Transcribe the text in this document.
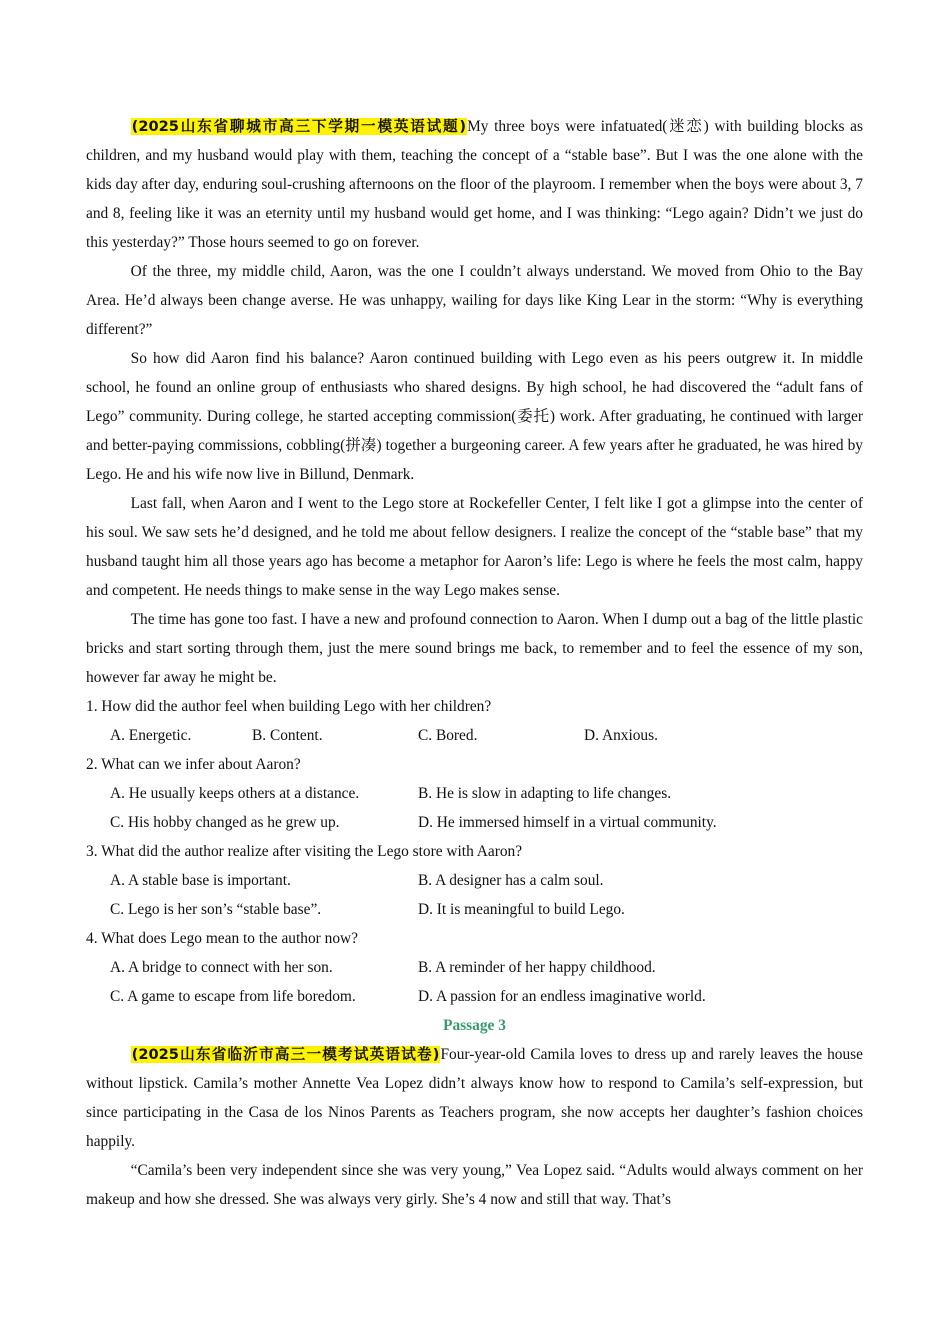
(2025山东省聊城市高三下学期一模英语试题)My three boys were infatuated(迷恋) with building blocks as children, and my husband would play with them, teaching the concept of a “stable base”. But I was the one alone with the kids day after day, enduring soul-crushing afternoons on the floor of the playroom. I remember when the boys were about 3, 7 and 8, feeling like it was an eternity until my husband would get home, and I was thinking: “Lego again? Didn’t we just do this yesterday?” Those hours seemed to go on forever.

Of the three, my middle child, Aaron, was the one I couldn’t always understand. We moved from Ohio to the Bay Area. He’d always been change averse. He was unhappy, wailing for days like King Lear in the storm: “Why is everything different?”

So how did Aaron find his balance? Aaron continued building with Lego even as his peers outgrew it. In middle school, he found an online group of enthusiasts who shared designs. By high school, he had discovered the “adult fans of Lego” community. During college, he started accepting commission(委托) work. After graduating, he continued with larger and better-paying commissions, cobbling(拼凑) together a burgeoning career. A few years after he graduated, he was hired by Lego. He and his wife now live in Billund, Denmark.

Last fall, when Aaron and I went to the Lego store at Rockefeller Center, I felt like I got a glimpse into the center of his soul. We saw sets he’d designed, and he told me about fellow designers. I realize the concept of the “stable base” that my husband taught him all those years ago has become a metaphor for Aaron’s life: Lego is where he feels the most calm, happy and competent. He needs things to make sense in the way Lego makes sense.

The time has gone too fast. I have a new and profound connection to Aaron. When I dump out a bag of the little plastic bricks and start sorting through them, just the mere sound brings me back, to remember and to feel the essence of my son, however far away he might be.

1. How did the author feel when building Lego with her children?
A. Energetic.	B. Content.	C. Bored.	D. Anxious.
2. What can we infer about Aaron?
A. He usually keeps others at a distance.	B. He is slow in adapting to life changes.
C. His hobby changed as he grew up.	D. He immersed himself in a virtual community.
3. What did the author realize after visiting the Lego store with Aaron?
A. A stable base is important.	B. A designer has a calm soul.
C. Lego is her son’s “stable base”.	D. It is meaningful to build Lego.
4. What does Lego mean to the author now?
A. A bridge to connect with her son.	B. A reminder of her happy childhood.
C. A game to escape from life boredom.	D. A passion for an endless imaginative world.
Passage 3

(2025山东省临沂市高三一模考试英语试卷)Four-year-old Camila loves to dress up and rarely leaves the house without lipstick. Camila’s mother Annette Vea Lopez didn’t always know how to respond to Camila’s self-expression, but since participating in the Casa de los Ninos Parents as Teachers program, she now accepts her daughter’s fashion choices happily.

“Camila’s been very independent since she was very young,” Vea Lopez said. “Adults would always comment on her makeup and how she dressed. She was always very girly. She’s 4 now and still that way. That’s
